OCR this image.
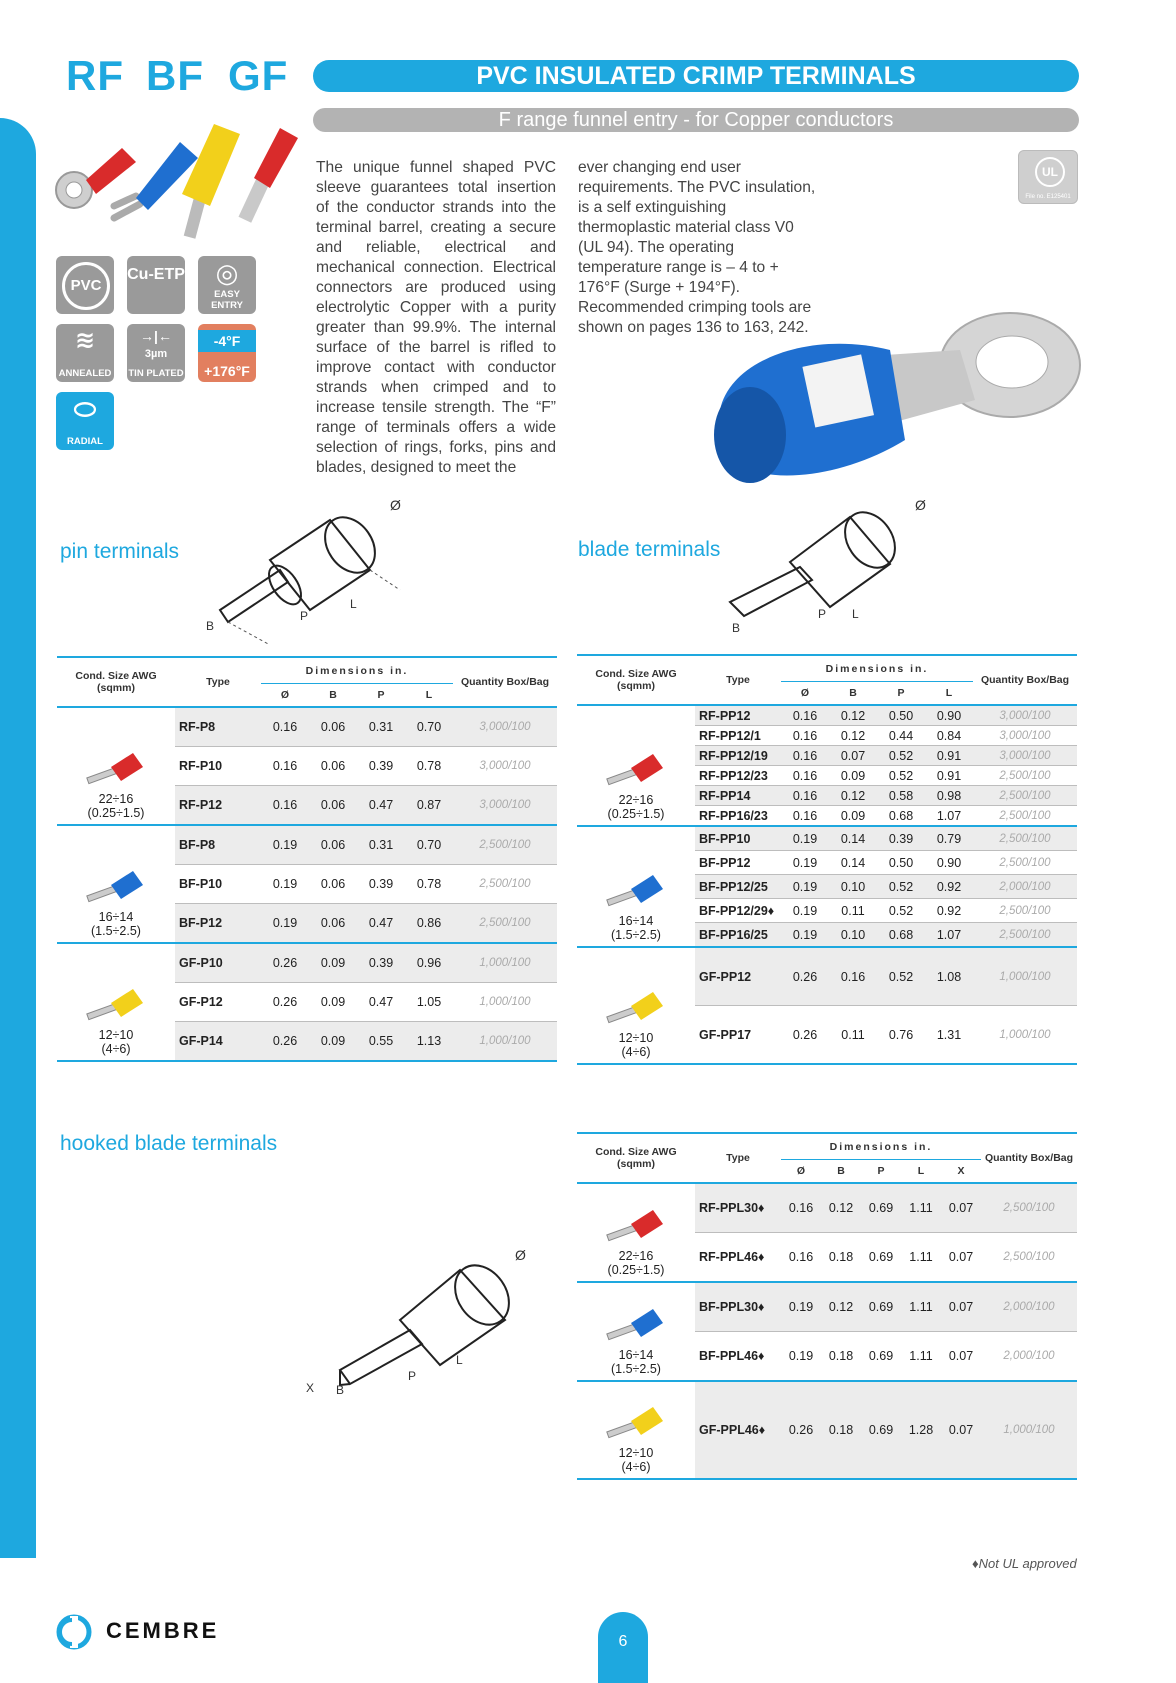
RF BF GF	PVC INSULATED CRIMP TERMINALS
F range funnel entry - for Copper conductors
PVC
Cu-ETP	◎
EASY ENTRY
≋
ANNEALED
→|←
3µm
TIN PLATED
-4°F
+176°F
⬭
RADIAL
The unique funnel shaped PVC sleeve guarantees total insertion of the conductor strands into the terminal barrel, creating a secure and reliable, electrical and mechanical connection. Electrical connectors are produced using electrolytic Copper with a purity greater than 99.9%. The internal surface of the barrel is rifled to improve contact with conductor strands when crimped and to increase tensile strength. The “F” range of terminals offers a wide selection of rings, forks, pins and blades, designed to meet the
ever changing end user requirements. The PVC insulation, is a self extinguishing thermoplastic material class V0 (UL 94). The operating temperature range is – 4 to + 176°F (Surge + 194°F). Recommended crimping tools are shown on pages 136 to 163, 242.
UL
File no. E125401
pin terminals
Ø
B
P
L
Cond. Size AWG (sqmm)	Type	Dimensions in.				Quantity Box/Bag
		Ø	B	P	L	

22÷16
(0.25÷1.5)	RF-P8	0.16	0.06	0.31	0.70	3,000/100
	RF-P10	0.16	0.06	0.39	0.78	3,000/100
	RF-P12	0.16	0.06	0.47	0.87	3,000/100

16÷14
(1.5÷2.5)	BF-P8	0.19	0.06	0.31	0.70	2,500/100
	BF-P10	0.19	0.06	0.39	0.78	2,500/100
	BF-P12	0.19	0.06	0.47	0.86	2,500/100

12÷10
(4÷6)	GF-P10	0.26	0.09	0.39	0.96	1,000/100
	GF-P12	0.26	0.09	0.47	1.05	1,000/100
	GF-P14	0.26	0.09	0.55	1.13	1,000/100
blade terminals
Ø
B
P L
Cond. Size AWG (sqmm)	Type	Dimensions in.				Quantity Box/Bag
		Ø	B	P	L	

22÷16
(0.25÷1.5)	RF-PP12	0.16	0.12	0.50	0.90	3,000/100
	RF-PP12/1	0.16	0.12	0.44	0.84	3,000/100
	RF-PP12/19	0.16	0.07	0.52	0.91	3,000/100
	RF-PP12/23	0.16	0.09	0.52	0.91	2,500/100
	RF-PP14	0.16	0.12	0.58	0.98	2,500/100
	RF-PP16/23	0.16	0.09	0.68	1.07	2,500/100

16÷14
(1.5÷2.5)	BF-PP10	0.19	0.14	0.39	0.79	2,500/100
	BF-PP12	0.19	0.14	0.50	0.90	2,500/100
	BF-PP12/25	0.19	0.10	0.52	0.92	2,000/100
	BF-PP12/29♦	0.19	0.11	0.52	0.92	2,500/100
	BF-PP16/25	0.19	0.10	0.68	1.07	2,500/100

12÷10
(4÷6)	GF-PP12	0.26	0.16	0.52	1.08	1,000/100
	GF-PP17	0.26	0.11	0.76	1.31	1,000/100
hooked blade terminals
Ø
X B
P
L
Cond. Size AWG (sqmm)	Type	Dimensions in.					Quantity Box/Bag
		Ø	B	P	L	X	

22÷16
(0.25÷1.5)	RF-PPL30♦	0.16	0.12	0.69	1.11	0.07	2,500/100
	RF-PPL46♦	0.16	0.18	0.69	1.11	0.07	2,500/100

16÷14
(1.5÷2.5)	BF-PPL30♦	0.19	0.12	0.69	1.11	0.07	2,000/100
	BF-PPL46♦	0.19	0.18	0.69	1.11	0.07	2,000/100

12÷10
(4÷6)	GF-PPL46♦	0.26	0.18	0.69	1.28	0.07	1,000/100
♦Not UL approved
CEMBRE	6
